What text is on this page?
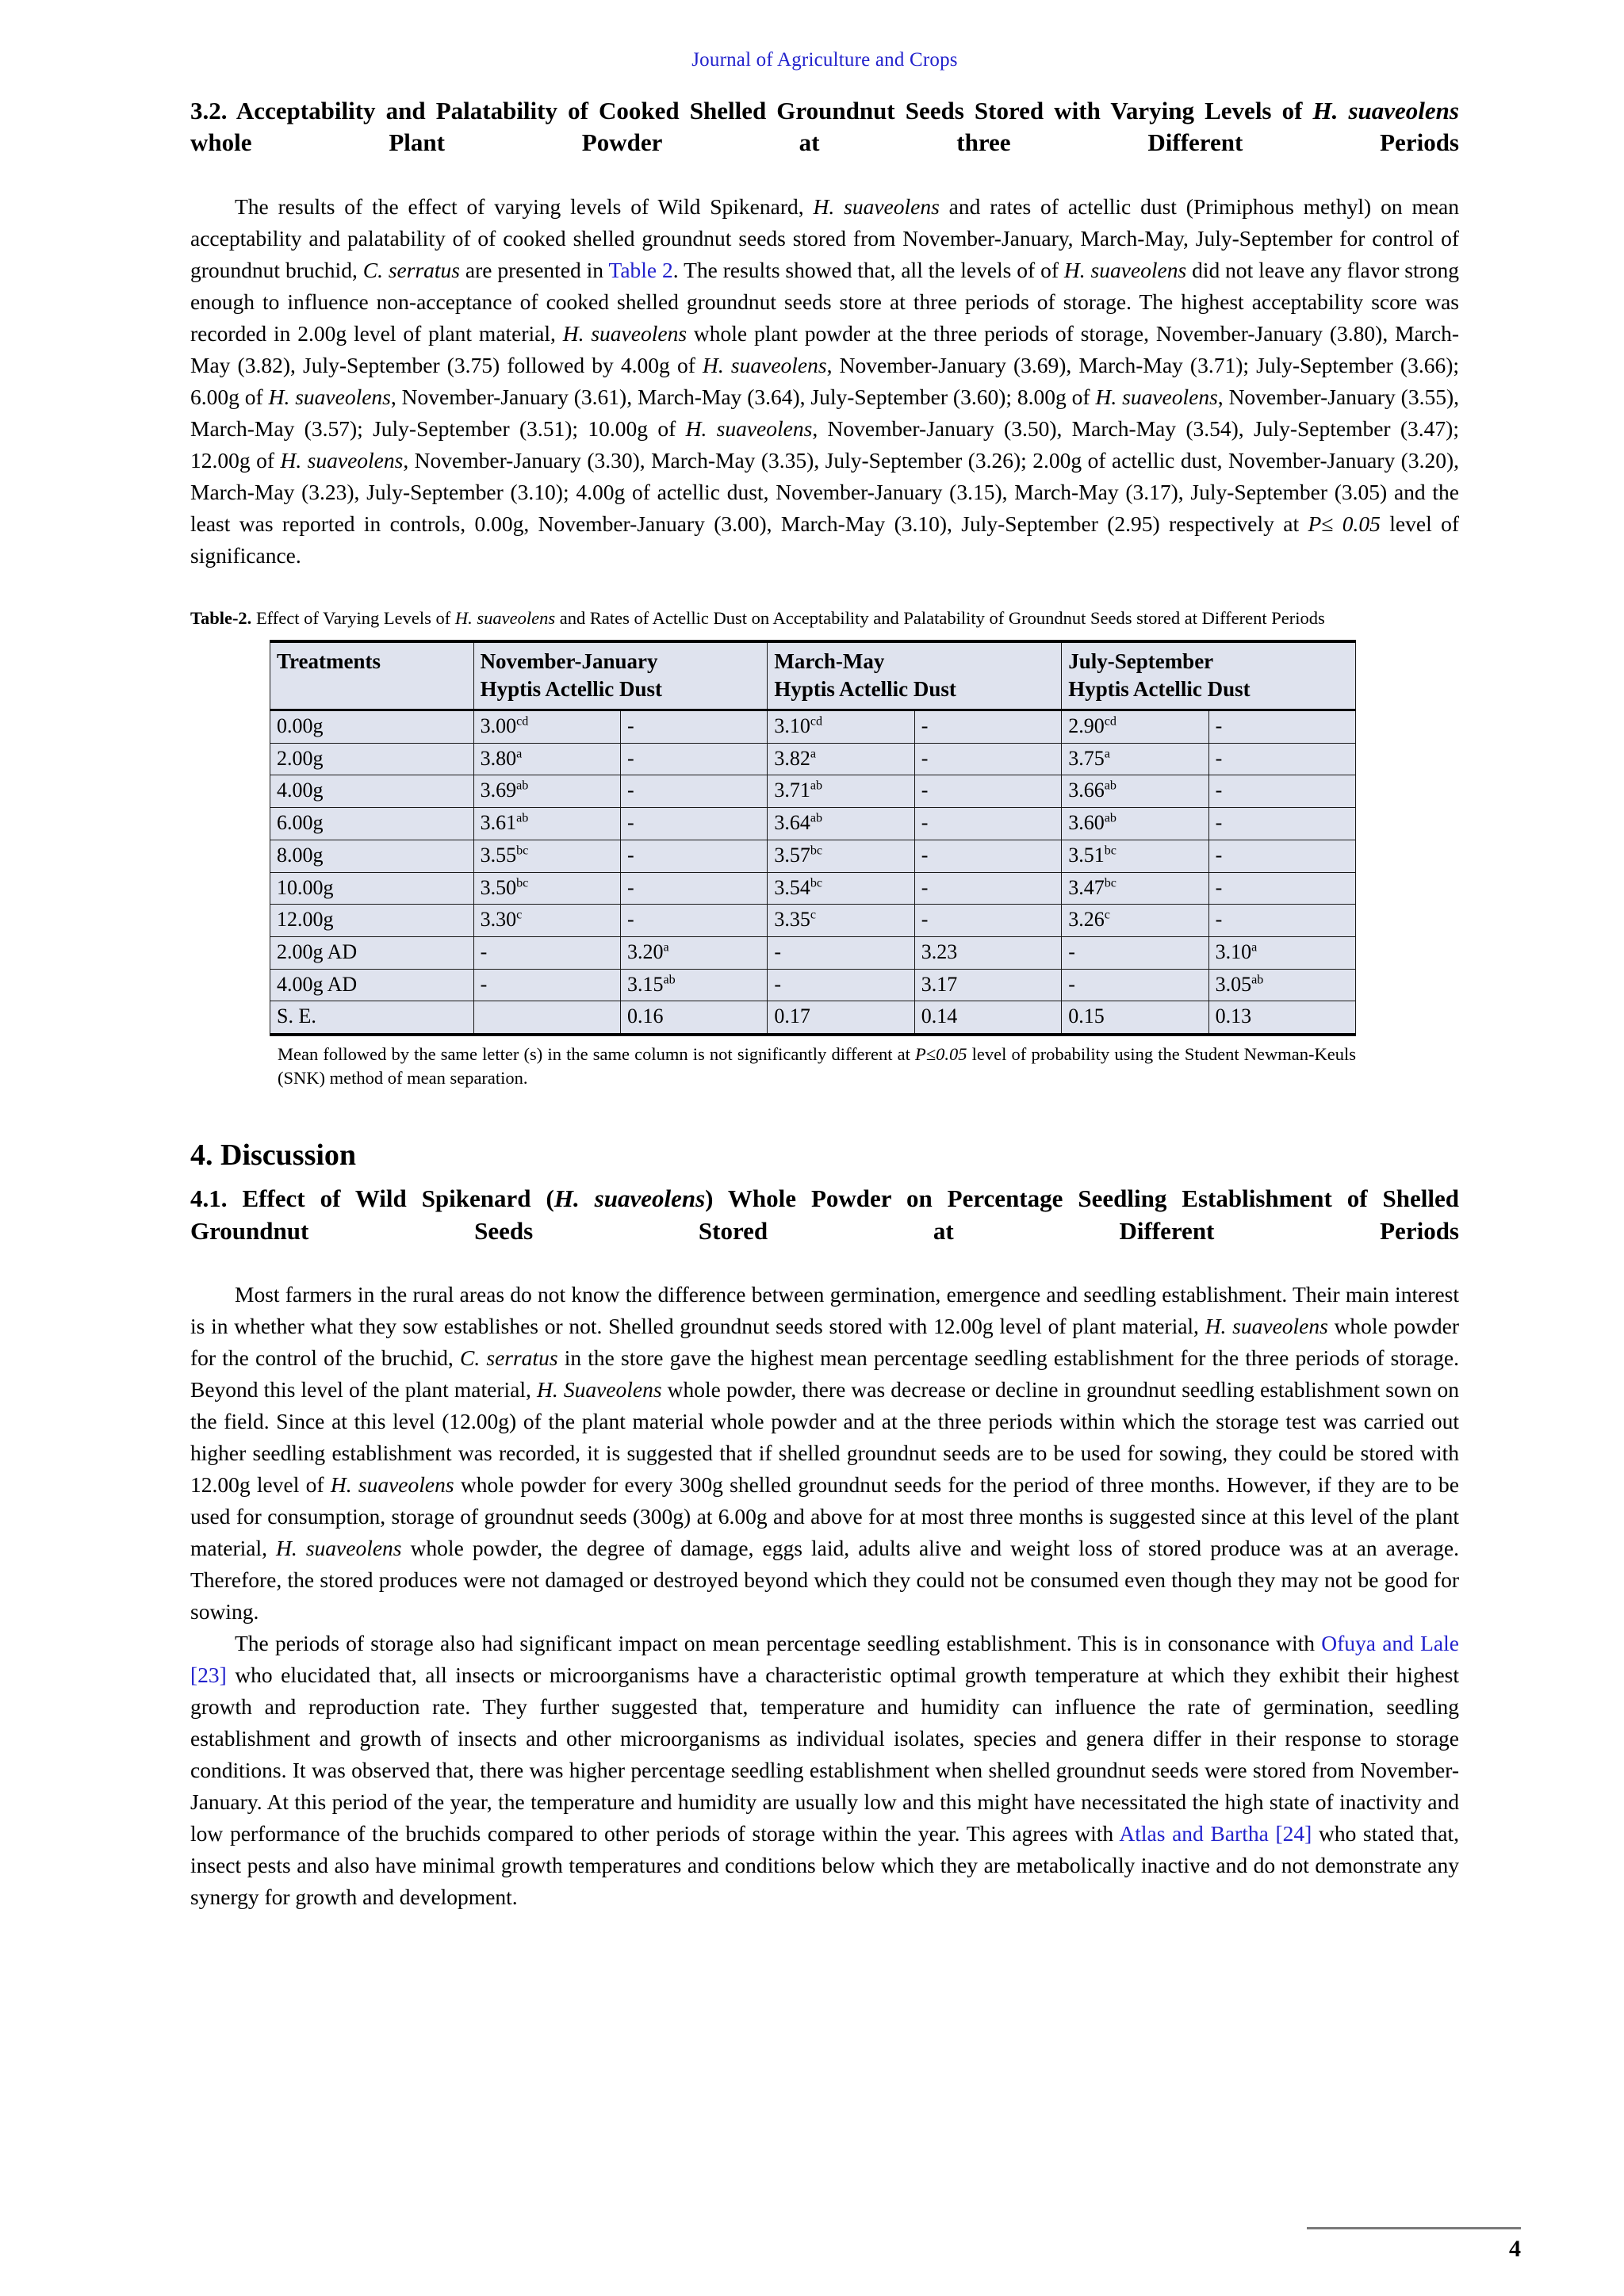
Journal of Agriculture and Crops
3.2. Acceptability and Palatability of Cooked Shelled Groundnut Seeds Stored with Varying Levels of H. suaveolens whole Plant Powder at three Different Periods

The results of the effect of varying levels of Wild Spikenard, H. suaveolens and rates of actellic dust (Primiphous methyl) on mean acceptability and palatability of of cooked shelled groundnut seeds stored from November-January, March-May, July-September for control of groundnut bruchid, C. serratus are presented in Table 2. The results showed that, all the levels of of H. suaveolens did not leave any flavor strong enough to influence non-acceptance of cooked shelled groundnut seeds store at three periods of storage. The highest acceptability score was recorded in 2.00g level of plant material, H. suaveolens whole plant powder at the three periods of storage, November-January (3.80), March-May (3.82), July-September (3.75) followed by 4.00g of H. suaveolens, November-January (3.69), March-May (3.71); July-September (3.66); 6.00g of H. suaveolens, November-January (3.61), March-May (3.64), July-September (3.60); 8.00g of H. suaveolens, November-January (3.55), March-May (3.57); July-September (3.51); 10.00g of H. suaveolens, November-January (3.50), March-May (3.54), July-September (3.47); 12.00g of H. suaveolens, November-January (3.30), March-May (3.35), July-September (3.26); 2.00g of actellic dust, November-January (3.20), March-May (3.23), July-September (3.10); 4.00g of actellic dust, November-January (3.15), March-May (3.17), July-September (3.05) and the least was reported in controls, 0.00g, November-January (3.00), March-May (3.10), July-September (2.95) respectively at P≤ 0.05 level of significance.

Table-2. Effect of Varying Levels of H. suaveolens and Rates of Actellic Dust on Acceptability and Palatability of Groundnut Seeds stored at Different Periods
Treatments	November-January
Hyptis Actellic Dust		March-May
Hyptis Actellic Dust		July-September
Hyptis Actellic Dust	

0.00g	3.00$^{cd}$	-	3.10$^{cd}$	-	2.90$^{cd}$	-
2.00g	3.80$^a$	-	3.82$^a$	-	3.75$^a$	-
4.00g	3.69$^{ab}$	-	3.71$^{ab}$	-	3.66$^{ab}$	-
6.00g	3.61$^{ab}$	-	3.64$^{ab}$	-	3.60$^{ab}$	-
8.00g	3.55$^{bc}$	-	3.57$^{bc}$	-	3.51$^{bc}$	-
10.00g	3.50$^{bc}$	-	3.54$^{bc}$	-	3.47$^{bc}$	-
12.00g	3.30$^c$	-	3.35$^c$	-	3.26$^c$	-
2.00g AD	-	3.20$^a$	-	3.23	-	3.10$^a$
4.00g AD	-	3.15$^{ab}$	-	3.17	-	3.05$^{ab}$
S. E.		0.16	0.17	0.14	0.15	0.13
Mean followed by the same letter (s) in the same column is not significantly different at P≤0.05 level of probability using the Student Newman-Keuls (SNK) method of mean separation.
4. Discussion
4.1. Effect of Wild Spikenard (H. suaveolens) Whole Powder on Percentage Seedling Establishment of Shelled Groundnut Seeds Stored at Different Periods

Most farmers in the rural areas do not know the difference between germination, emergence and seedling establishment. Their main interest is in whether what they sow establishes or not. Shelled groundnut seeds stored with 12.00g level of plant material, H. suaveolens whole powder for the control of the bruchid, C. serratus in the store gave the highest mean percentage seedling establishment for the three periods of storage. Beyond this level of the plant material, H. Suaveolens whole powder, there was decrease or decline in groundnut seedling establishment sown on the field. Since at this level (12.00g) of the plant material whole powder and at the three periods within which the storage test was carried out higher seedling establishment was recorded, it is suggested that if shelled groundnut seeds are to be used for sowing, they could be stored with 12.00g level of H. suaveolens whole powder for every 300g shelled groundnut seeds for the period of three months. However, if they are to be used for consumption, storage of groundnut seeds (300g) at 6.00g and above for at most three months is suggested since at this level of the plant material, H. suaveolens whole powder, the degree of damage, eggs laid, adults alive and weight loss of stored produce was at an average. Therefore, the stored produces were not damaged or destroyed beyond which they could not be consumed even though they may not be good for sowing.

The periods of storage also had significant impact on mean percentage seedling establishment. This is in consonance with Ofuya and Lale [23] who elucidated that, all insects or microorganisms have a characteristic optimal growth temperature at which they exhibit their highest growth and reproduction rate. They further suggested that, temperature and humidity can influence the rate of germination, seedling establishment and growth of insects and other microorganisms as individual isolates, species and genera differ in their response to storage conditions. It was observed that, there was higher percentage seedling establishment when shelled groundnut seeds were stored from November- January. At this period of the year, the temperature and humidity are usually low and this might have necessitated the high state of inactivity and low performance of the bruchids compared to other periods of storage within the year. This agrees with Atlas and Bartha [24] who stated that, insect pests and also have minimal growth temperatures and conditions below which they are metabolically inactive and do not demonstrate any synergy for growth and development.

4
